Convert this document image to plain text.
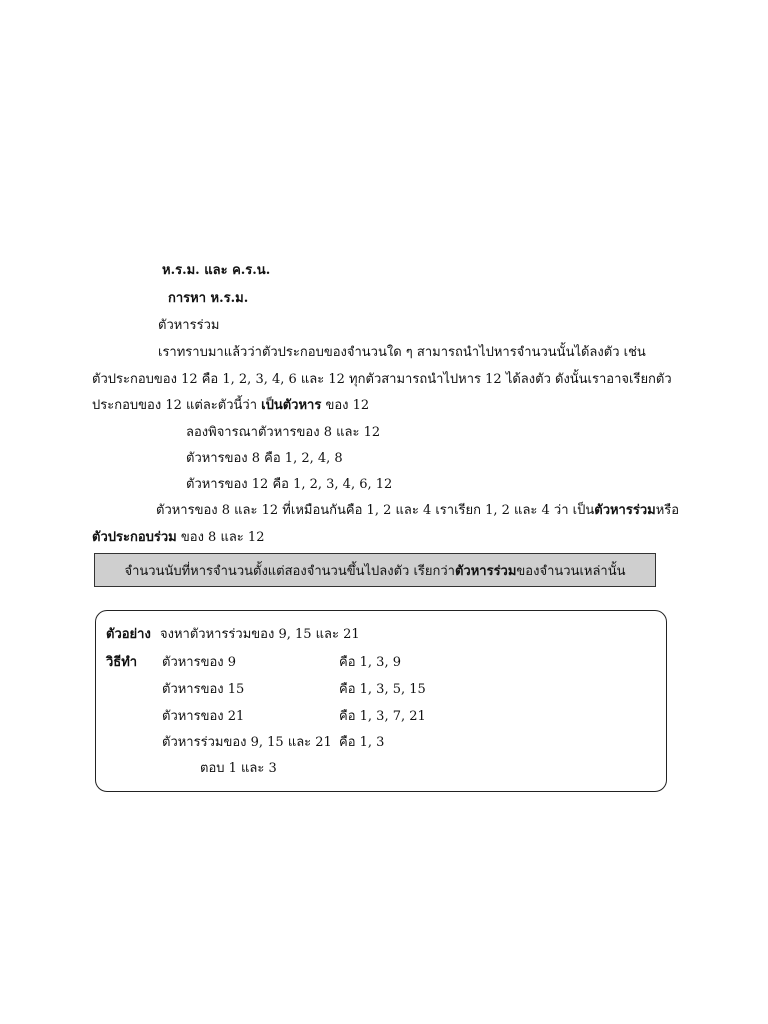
ห.ร.ม. และ ค.ร.น.
การหา ห.ร.ม.
ตัวหารร่วม
เราทราบมาแล้วว่าตัวประกอบของจำนวนใด ๆ สามารถนำไปหารจำนวนนั้นได้ลงตัว เช่น
ตัวประกอบของ 12 คือ 1, 2, 3, 4, 6 และ 12 ทุกตัวสามารถนำไปหาร 12 ได้ลงตัว ดังนั้นเราอาจเรียกตัว
ประกอบของ 12 แต่ละตัวนี้ว่า เป็นตัวหาร ของ 12
ลองพิจารณาตัวหารของ 8 และ 12
ตัวหารของ 8 คือ 1, 2, 4, 8
ตัวหารของ 12 คือ 1, 2, 3, 4, 6, 12
ตัวหารของ 8 และ 12 ที่เหมือนกันคือ 1, 2 และ 4 เราเรียก 1, 2 และ 4 ว่า เป็นตัวหารร่วมหรือ
ตัวประกอบร่วม ของ 8 และ 12
จำนวนนับที่หารจำนวนตั้งแต่สองจำนวนขึ้นไปลงตัว เรียกว่า ตัวหารร่วม ของจำนวนเหล่านั้น
ตัวอย่าง จงหาตัวหารร่วมของ 9, 15 และ 21
วิธีทำ ตัวหารของ 9	คือ 1, 3, 9
ตัวหารของ 15	คือ 1, 3, 5, 15
ตัวหารของ 21	คือ 1, 3, 7, 21
ตัวหารร่วมของ 9, 15 และ 21 คือ 1, 3
ตอบ 1 และ 3
